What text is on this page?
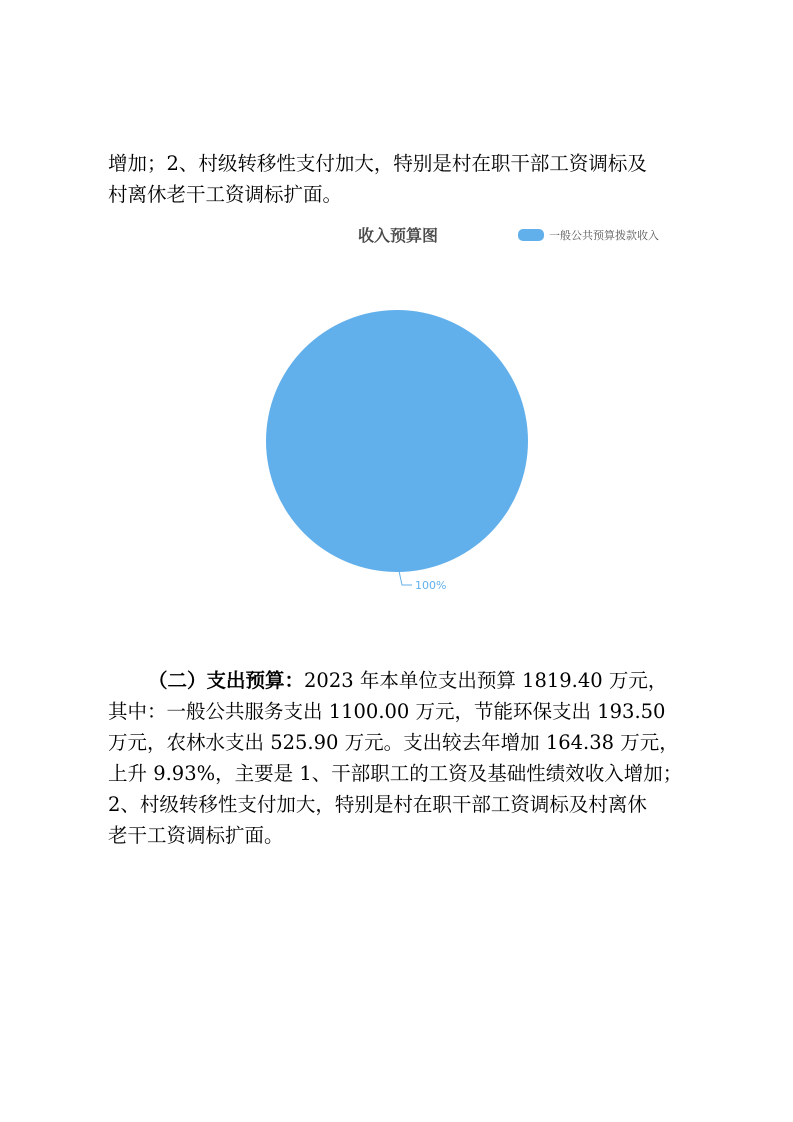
增加；2、村级转移性支付加大，特别是村在职干部工资调标及
村离休老干工资调标扩面。
收入预算图	一般公共预算拨款收入
100%
（二）支出预算：2023 年本单位支出预算 1819.40 万元，
其中：一般公共服务支出 1100.00 万元，节能环保支出 193.50
万元，农林水支出 525.90 万元。支出较去年增加 164.38 万元，
上升 9.93%，主要是 1、干部职工的工资及基础性绩效收入增加；
2、村级转移性支付加大，特别是村在职干部工资调标及村离休
老干工资调标扩面。
